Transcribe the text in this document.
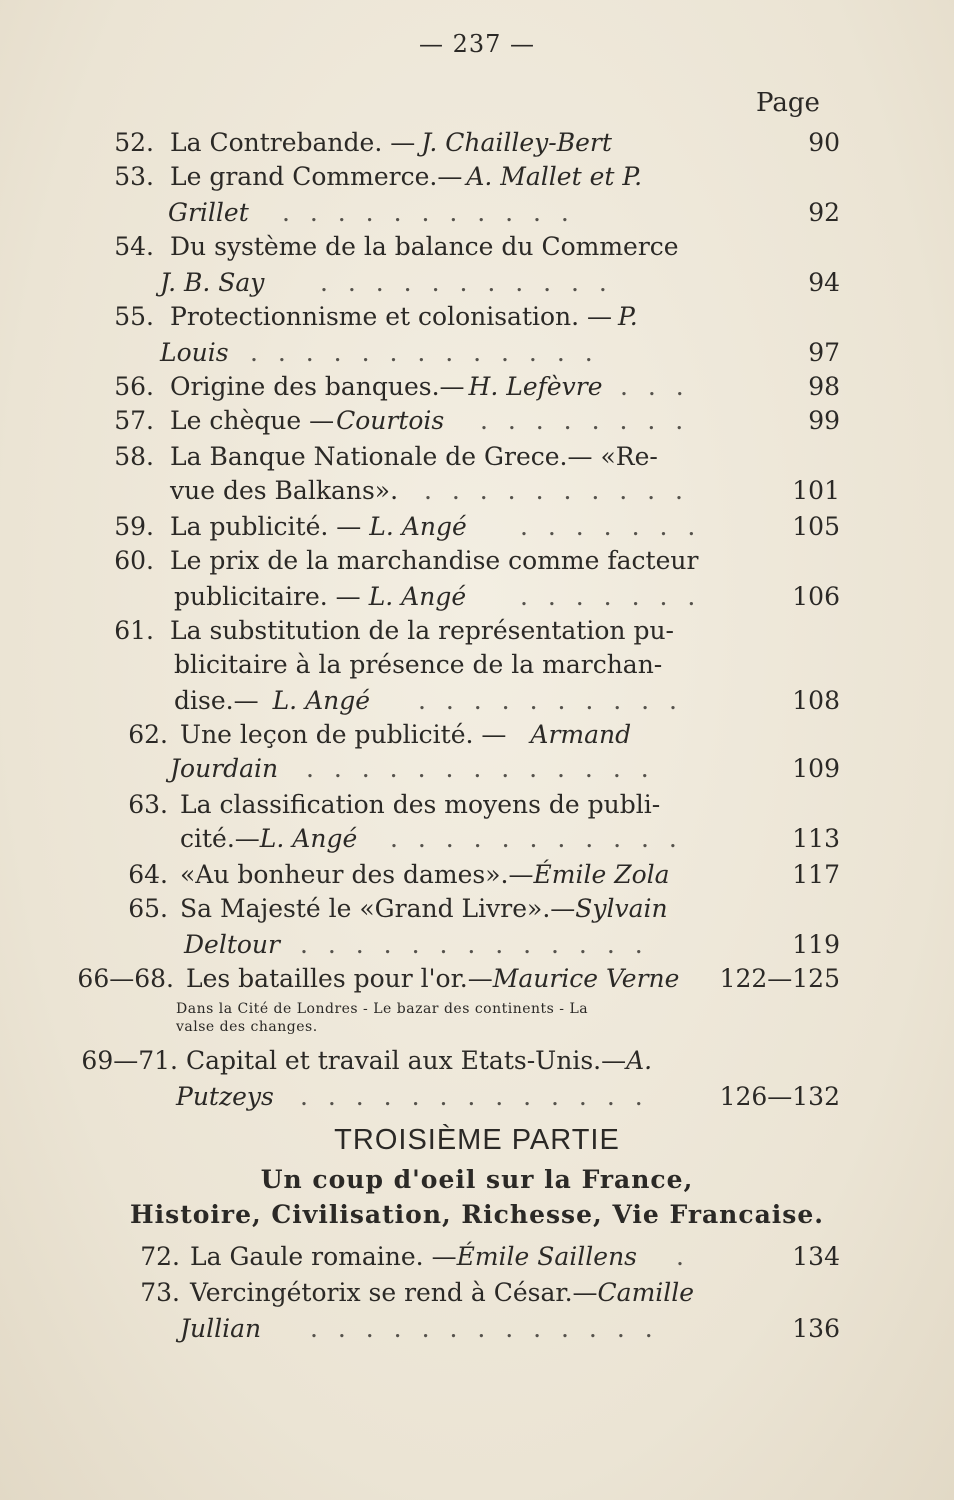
— 237 —
Page
52. La Contrebande. — J. Chailley-Bert	90
53. Le grand Commerce.— A. Mallet et P.
Grillet . . . . . . . . . . .	92
54. Du système de la balance du Commerce
J. B. Say . . . . . . . . . . .	94
55. Protectionnisme et colonisation. — P.
Louis . . . . . . . . . . . . .	97
56. Origine des banques.— H. Lefèvre . . .	98
57. Le chèque —Courtois . . . . . . . .	99
58. La Banque Nationale de Grece.— «Re-
vue des Balkans». . . . . . . . . . .	101
59. La publicité. — L. Angé . . . . . . .	105
60. Le prix de la marchandise comme facteur
publicitaire. — L. Angé . . . . . . .	106
61. La substitution de la représentation pu-
blicitaire à la présence de la marchan-
dise.— L. Angé . . . . . . . . . .	108
62. Une leçon de publicité. — Armand
Jourdain . . . . . . . . . . . . .	109
63. La classification des moyens de publi-
cité.—L. Angé . . . . . . . . . . .	113
64. «Au bonheur des dames».—Émile Zola	117
65. Sa Majesté le «Grand Livre».—Sylvain
Deltour . . . . . . . . . . . . .	119
66—68. Les batailles pour l'or.—Maurice Verne	122—125
Dans la Cité de Londres - Le bazar des continents - La
valse des changes.
69—71. Capital et travail aux Etats-Unis.—A.
Putzeys . . . . . . . . . . . . .	126—132
TROISIÈME PARTIE
Un coup d'oeil sur la France,
Histoire, Civilisation, Richesse, Vie Francaise.
72. La Gaule romaine. —Émile Saillens .	134
73. Vercingétorix se rend à César.—Camille
Jullian . . . . . . . . . . . . .	136
